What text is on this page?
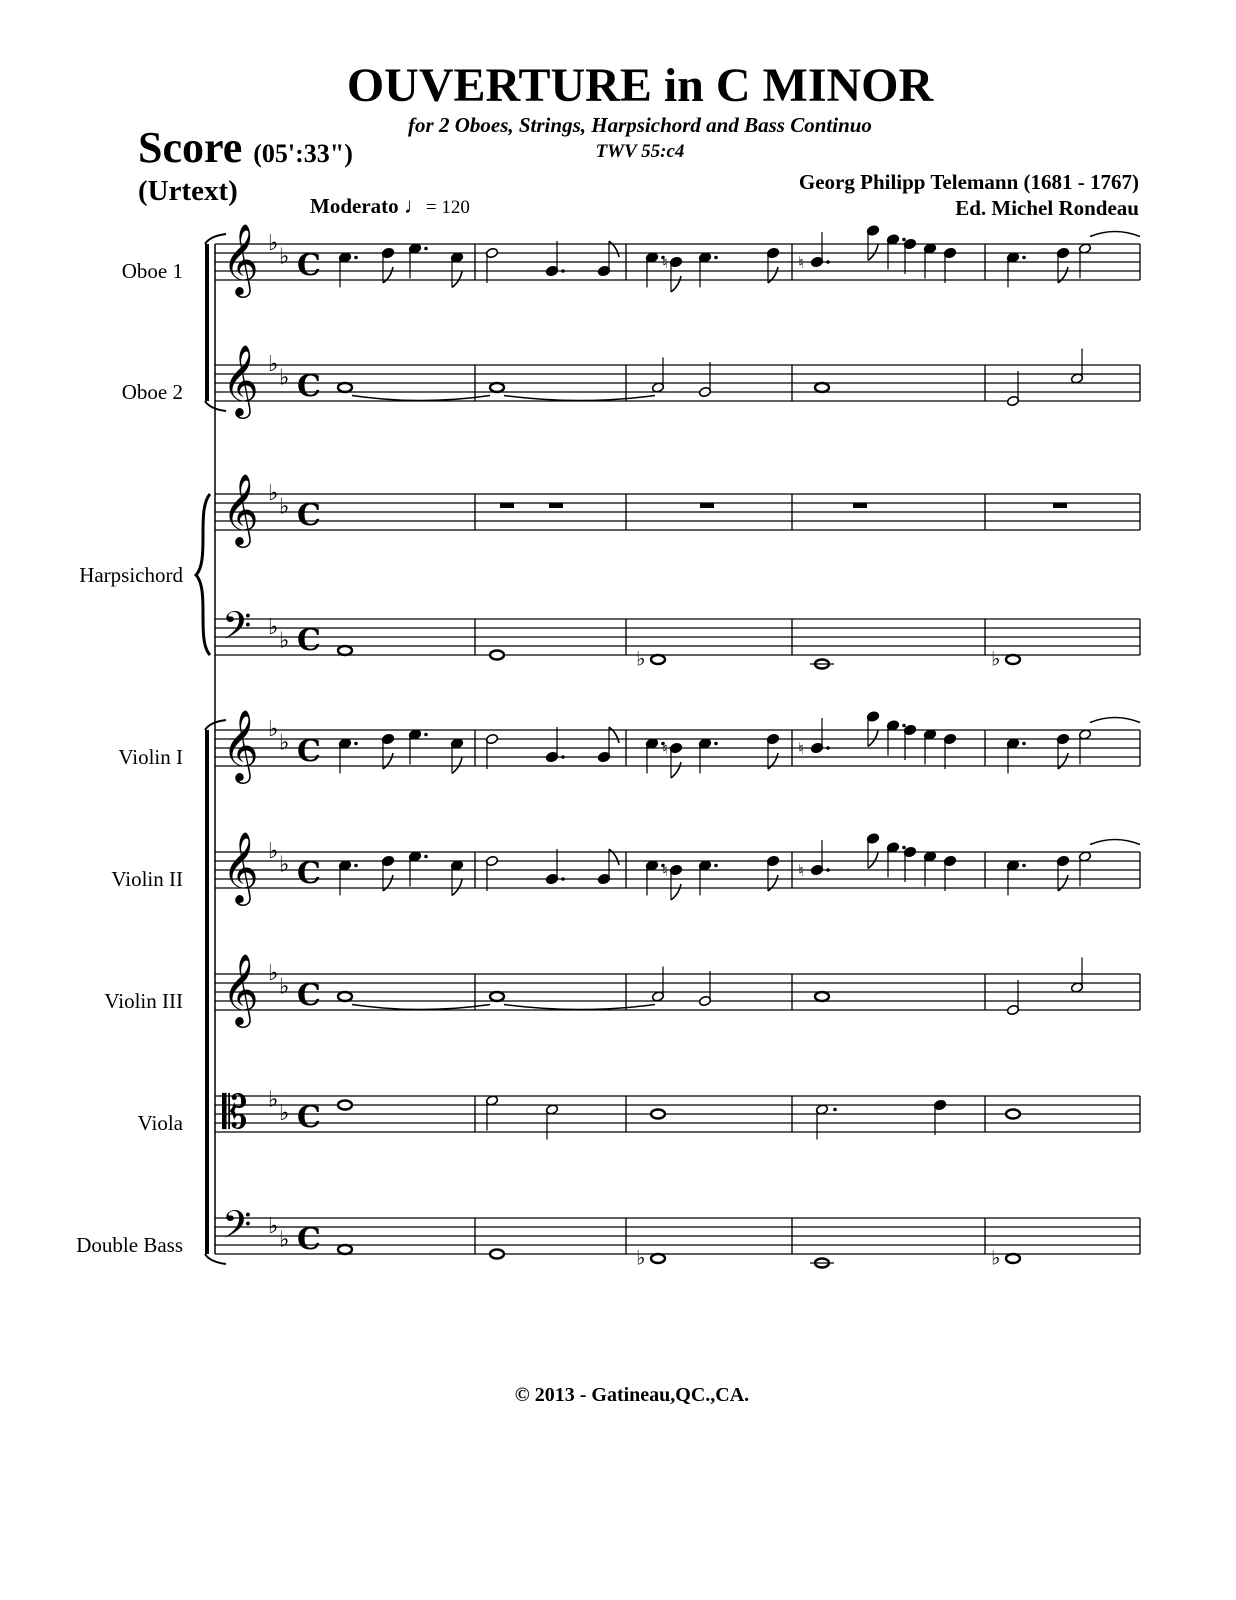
OUVERTURE in C MINOR
for 2 Oboes, Strings, Harpsichord and Bass Continuo
TWV 55:c4
Score (05':33")
(Urtext)	Moderato ♩= 120
Georg Philipp Telemann (1681 - 1767)
Ed. Michel Rondeau
Oboe 1
Oboe 2
Harpsichord
Violin I
Violin II
Violin III
Viola
Double Bass
𝄞 ♭
♭ C
𝄞 ♭
♭ C
𝄞 ♭
♭ C
𝄢 ♭
♭ C
𝄞 ♭
♭ C
𝄞 ♭
♭ C
𝄞 ♭
♭ C
𝄡 ♭
♭ C
𝄢 ♭
♭ C
♮	♮
♭	♭
♮	♮
♮	♮
♭	♭
© 2013 - Gatineau,QC.,CA.
